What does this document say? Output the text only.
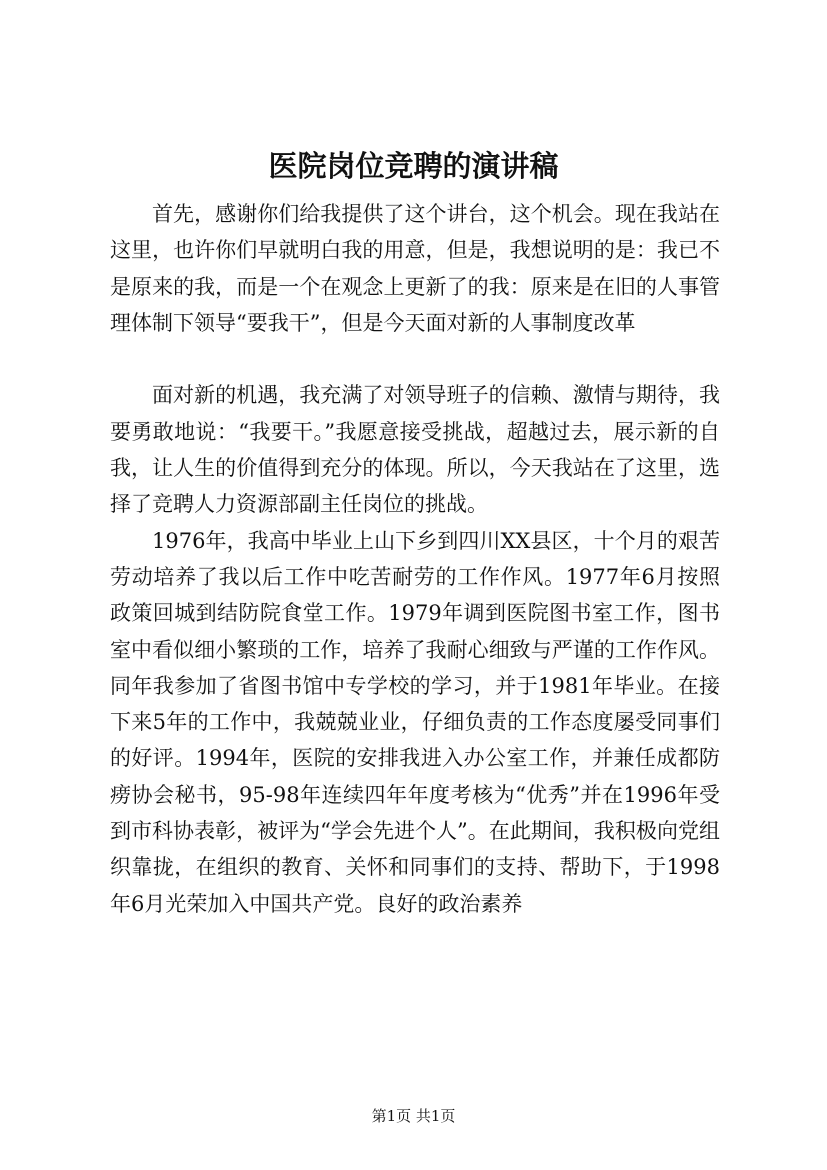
医院岗位竞聘的演讲稿

首先，感谢你们给我提供了这个讲台，这个机会。现在我站在这里，也许你们早就明白我的用意，但是，我想说明的是：我已不是原来的我，而是一个在观念上更新了的我：原来是在旧的人事管理体制下领导“要我干”，但是今天面对新的人事制度改革

面对新的机遇，我充满了对领导班子的信赖、激情与期待，我要勇敢地说：“我要干。”我愿意接受挑战，超越过去，展示新的自我，让人生的价值得到充分的体现。所以，今天我站在了这里，选择了竞聘人力资源部副主任岗位的挑战。

1976年，我高中毕业上山下乡到四川XX县区，十个月的艰苦劳动培养了我以后工作中吃苦耐劳的工作作风。1977年6月按照政策回城到结防院食堂工作。1979年调到医院图书室工作，图书室中看似细小繁琐的工作，培养了我耐心细致与严谨的工作作风。同年我参加了省图书馆中专学校的学习，并于1981年毕业。在接下来5年的工作中，我兢兢业业，仔细负责的工作态度屡受同事们的好评。1994年，医院的安排我进入办公室工作，并兼任成都防痨协会秘书，95-98年连续四年年度考核为“优秀”并在1996年受到市科协表彰，被评为“学会先进个人”。在此期间，我积极向党组织靠拢，在组织的教育、关怀和同事们的支持、帮助下，于1998年6月光荣加入中国共产党。良好的政治素养

第1页 共1页
